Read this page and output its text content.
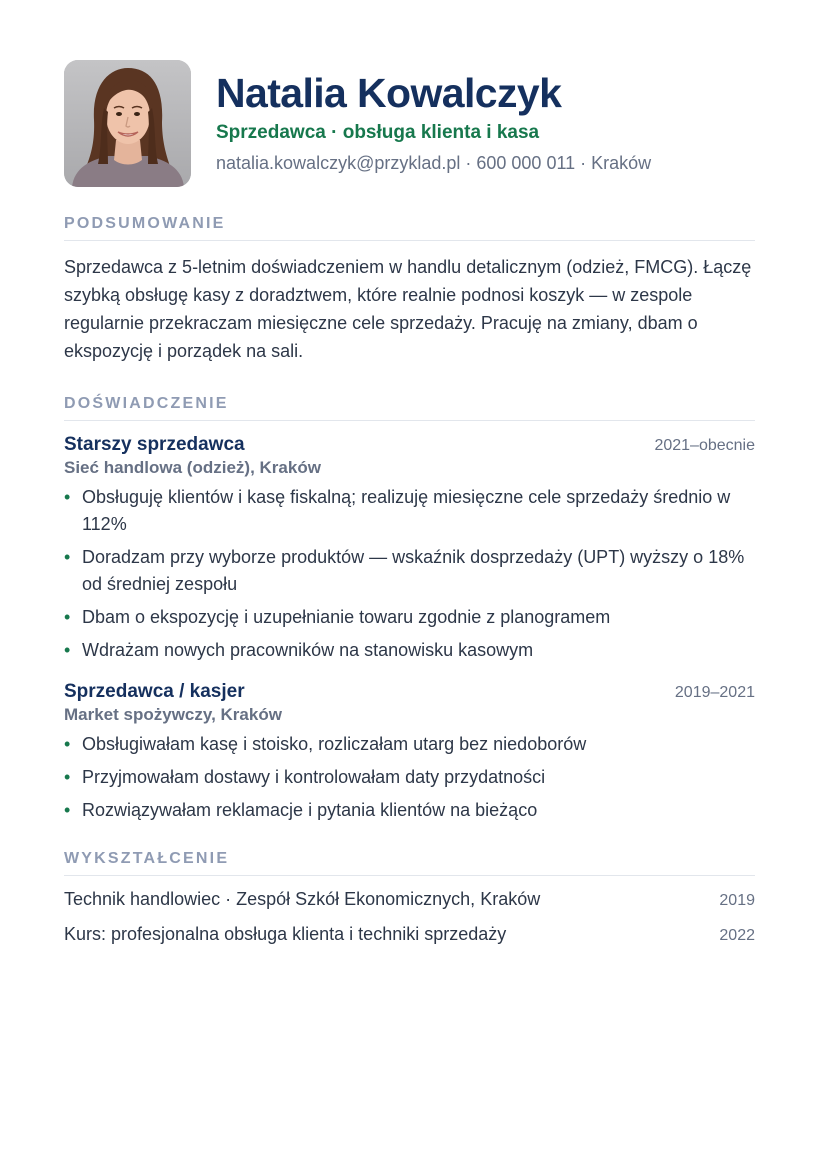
Natalia Kowalczyk
Sprzedawca · obsługa klienta i kasa
natalia.kowalczyk@przyklad.pl · 600 000 011 · Kraków
PODSUMOWANIE
Sprzedawca z 5-letnim doświadczeniem w handlu detalicznym (odzież, FMCG). Łączę szybką obsługę kasy z doradztwem, które realnie podnosi koszyk — w zespole regularnie przekraczam miesięczne cele sprzedaży. Pracuję na zmiany, dbam o ekspozycję i porządek na sali.
DOŚWIADCZENIE
Starszy sprzedawca	2021–obecnie
Sieć handlowa (odzież), Kraków
• Obsługuję klientów i kasę fiskalną; realizuję miesięczne cele sprzedaży średnio w 112%
• Doradzam przy wyborze produktów — wskaźnik dosprzedaży (UPT) wyższy o 18% od średniej zespołu
• Dbam o ekspozycję i uzupełnianie towaru zgodnie z planogramem
• Wdrażam nowych pracowników na stanowisku kasowym
Sprzedawca / kasjer	2019–2021
Market spożywczy, Kraków
• Obsługiwałam kasę i stoisko, rozliczałam utarg bez niedoborów
• Przyjmowałam dostawy i kontrolowałam daty przydatności
• Rozwiązywałam reklamacje i pytania klientów na bieżąco
WYKSZTAŁCENIE
Technik handlowiec · Zespół Szkół Ekonomicznych, Kraków	2019
Kurs: profesjonalna obsługa klienta i techniki sprzedaży	2022
